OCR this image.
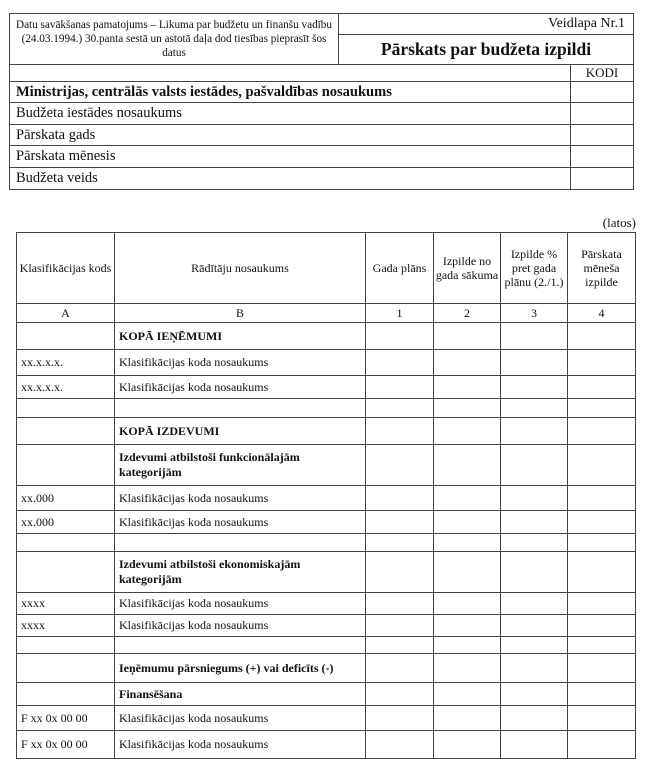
Datu savākšanas pamatojums – Likuma par budžetu un finanšu vadību (24.03.1994.) 30.panta sestā un astotā daļa dod tiesības pieprasīt šos datus	Veidlapa Nr.1	
	Pārskats par budžeta izpildi	
		KODI
Ministrijas, centrālās valsts iestādes, pašvaldības nosaukums		
Budžeta iestādes nosaukums		
Pārskata gads		
Pārskata mēnesis		
Budžeta veids		
(latos)
Klasifikācijas kods	Rādītāju nosaukums	Gada plāns	Izpilde no gada sākuma	Izpilde % pret gada plānu (2./1.)	Pārskata mēneša izpilde
A	B	1	2	3	4
	KOPĀ IEŅĒMUMI				
xx.x.x.x.	Klasifikācijas koda nosaukums				
xx.x.x.x.	Klasifikācijas koda nosaukums				

	KOPĀ IZDEVUMI				
	Izdevumi atbilstoši funkcionālajām kategorijām				
xx.000	Klasifikācijas koda nosaukums				
xx.000	Klasifikācijas koda nosaukums				

	Izdevumi atbilstoši ekonomiskajām kategorijām				
xxxx	Klasifikācijas koda nosaukums				
xxxx	Klasifikācijas koda nosaukums				

	Ieņēmumu pārsniegums (+) vai deficīts (-)				
	Finansēšana				
F xx 0x 00 00	Klasifikācijas koda nosaukums				
F xx 0x 00 00	Klasifikācijas koda nosaukums				
